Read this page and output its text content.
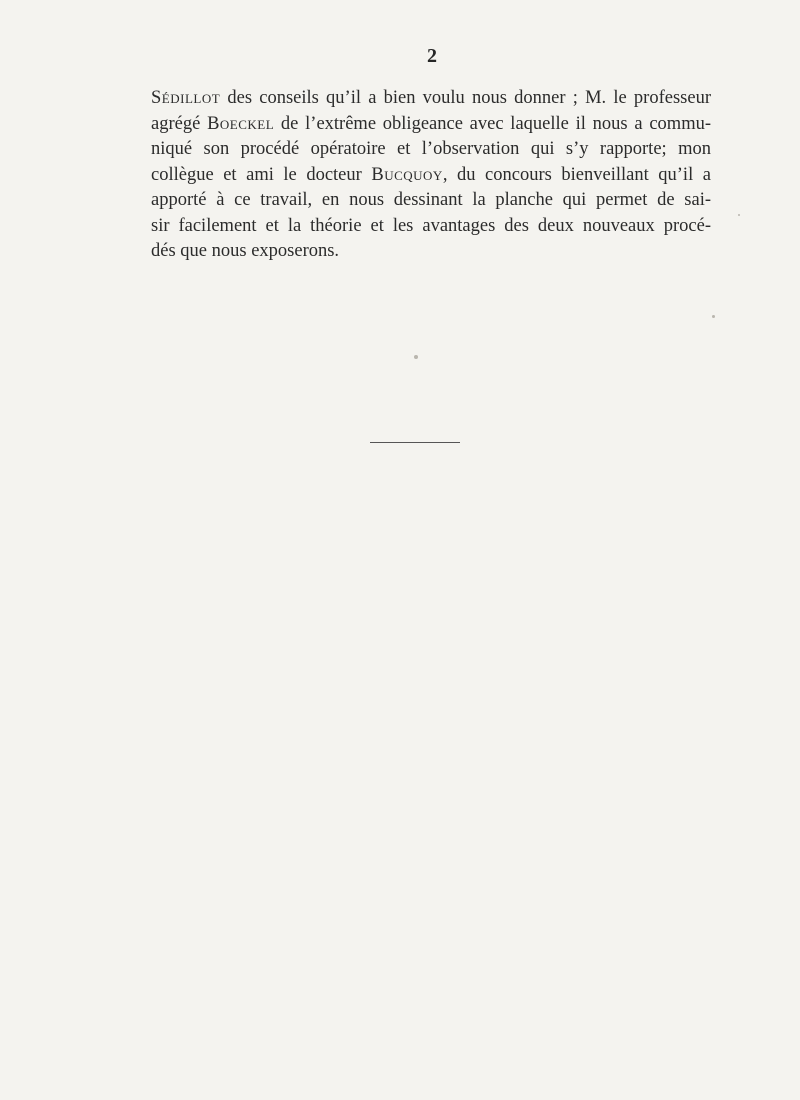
2
Sédillot des conseils qu’il a bien voulu nous donner ; M. le professeur
agrégé Boeckel de l’extrême obligeance avec laquelle il nous a commu-
niqué son procédé opératoire et l’observation qui s’y rapporte; mon
collègue et ami le docteur Bucquoy, du concours bienveillant qu’il a
apporté à ce travail, en nous dessinant la planche qui permet de sai-
sir facilement et la théorie et les avantages des deux nouveaux procé-
dés que nous exposerons.
